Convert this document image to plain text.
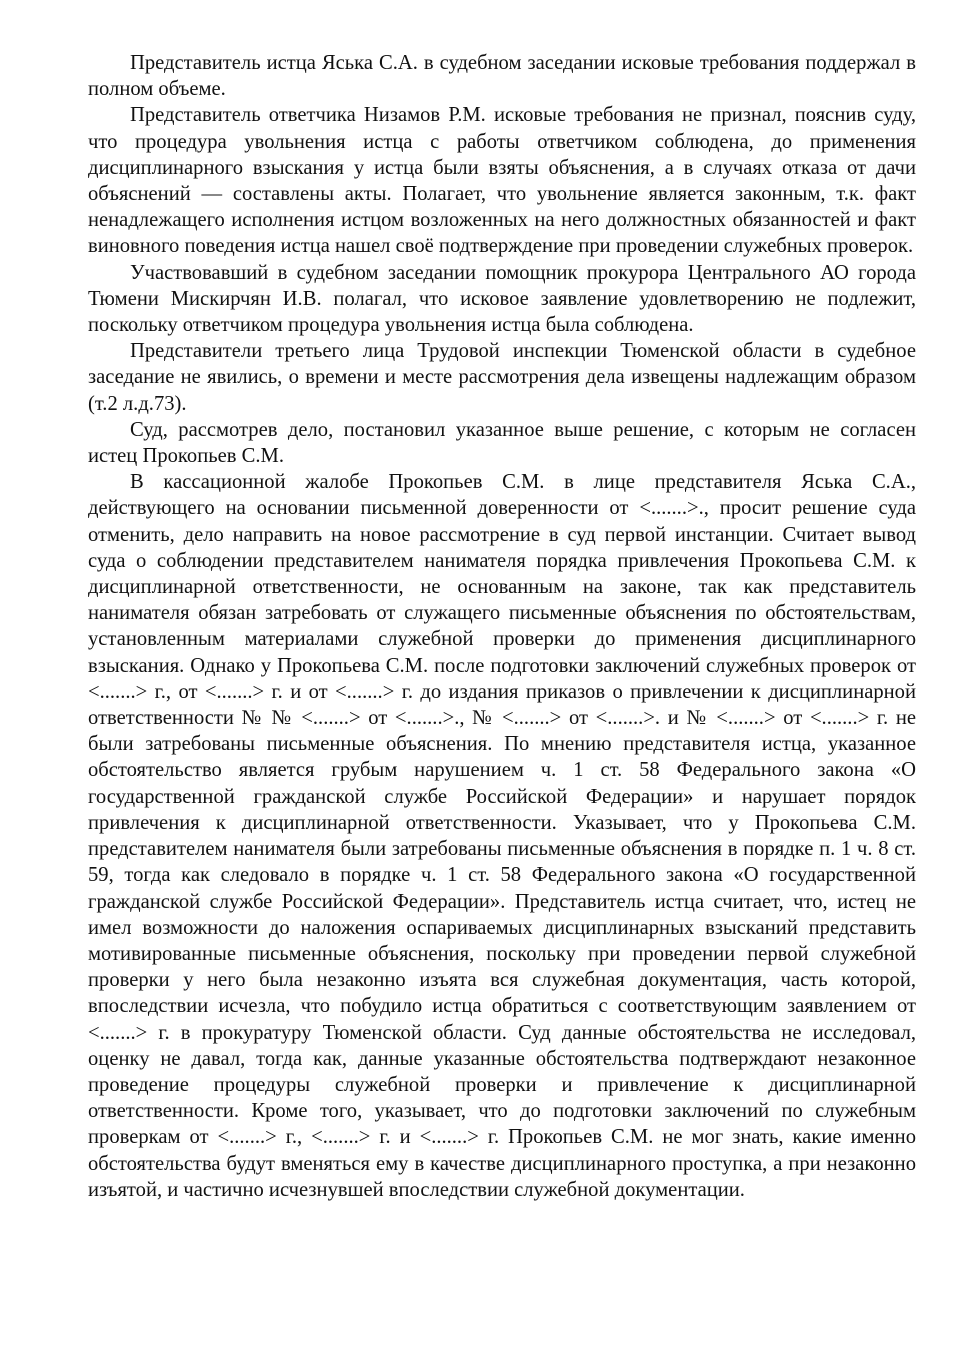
Представитель истца Яська С.А. в судебном заседании исковые требования поддержал в полном объеме.

Представитель ответчика Низамов Р.М. исковые требования не признал, пояснив суду, что процедура увольнения истца с работы ответчиком соблюдена, до применения дисциплинарного взыскания у истца были взяты объяснения, а в случаях отказа от дачи объяснений — составлены акты. Полагает, что увольнение является законным, т.к. факт ненадлежащего исполнения истцом возложенных на него должностных обязанностей и факт виновного поведения истца нашел своё подтверждение при проведении служебных проверок.

Участвовавший в судебном заседании помощник прокурора Центрального АО города Тюмени Мискирчян И.В. полагал, что исковое заявление удовлетворению не подлежит, поскольку ответчиком процедура увольнения истца была соблюдена.

Представители третьего лица Трудовой инспекции Тюменской области в судебное заседание не явились, о времени и месте рассмотрения дела извещены надлежащим образом (т.2 л.д.73).

Суд, рассмотрев дело, постановил указанное выше решение, с которым не согласен истец Прокопьев С.М.

В кассационной жалобе Прокопьев С.М. в лице представителя Яська С.А., действующего на основании письменной доверенности от <.......>., просит решение суда отменить, дело направить на новое рассмотрение в суд первой инстанции. Считает вывод суда о соблюдении представителем нанимателя порядка привлечения Прокопьева С.М. к дисциплинарной ответственности, не основанным на законе, так как представитель нанимателя обязан затребовать от служащего письменные объяснения по обстоятельствам, установленным материалами служебной проверки до применения дисциплинарного взыскания. Однако у Прокопьева С.М. после подготовки заключений служебных проверок от <.......> г., от <.......> г. и от <.......> г. до издания приказов о привлечении к дисциплинарной ответственности № № <.......> от <.......>., № <.......> от <.......>. и № <.......> от <.......> г. не были затребованы письменные объяснения. По мнению представителя истца, указанное обстоятельство является грубым нарушением ч. 1 ст. 58 Федерального закона «О государственной гражданской службе Российской Федерации» и нарушает порядок привлечения к дисциплинарной ответственности. Указывает, что у Прокопьева С.М. представителем нанимателя были затребованы письменные объяснения в порядке п. 1 ч. 8 ст. 59, тогда как следовало в порядке ч. 1 ст. 58 Федерального закона «О государственной гражданской службе Российской Федерации». Представитель истца считает, что, истец не имел возможности до наложения оспариваемых дисциплинарных взысканий представить мотивированные письменные объяснения, поскольку при проведении первой служебной проверки у него была незаконно изъята вся служебная документация, часть которой, впоследствии исчезла, что побудило истца обратиться с соответствующим заявлением от <.......> г. в прокуратуру Тюменской области. Суд данные обстоятельства не исследовал, оценку не давал, тогда как, данные указанные обстоятельства подтверждают незаконное проведение процедуры служебной проверки и привлечение к дисциплинарной ответственности. Кроме того, указывает, что до подготовки заключений по служебным проверкам от <.......> г., <.......> г. и <.......> г. Прокопьев С.М. не мог знать, какие именно обстоятельства будут вменяться ему в качестве дисциплинарного проступка, а при незаконно изъятой, и частично исчезнувшей впоследствии служебной документации.
